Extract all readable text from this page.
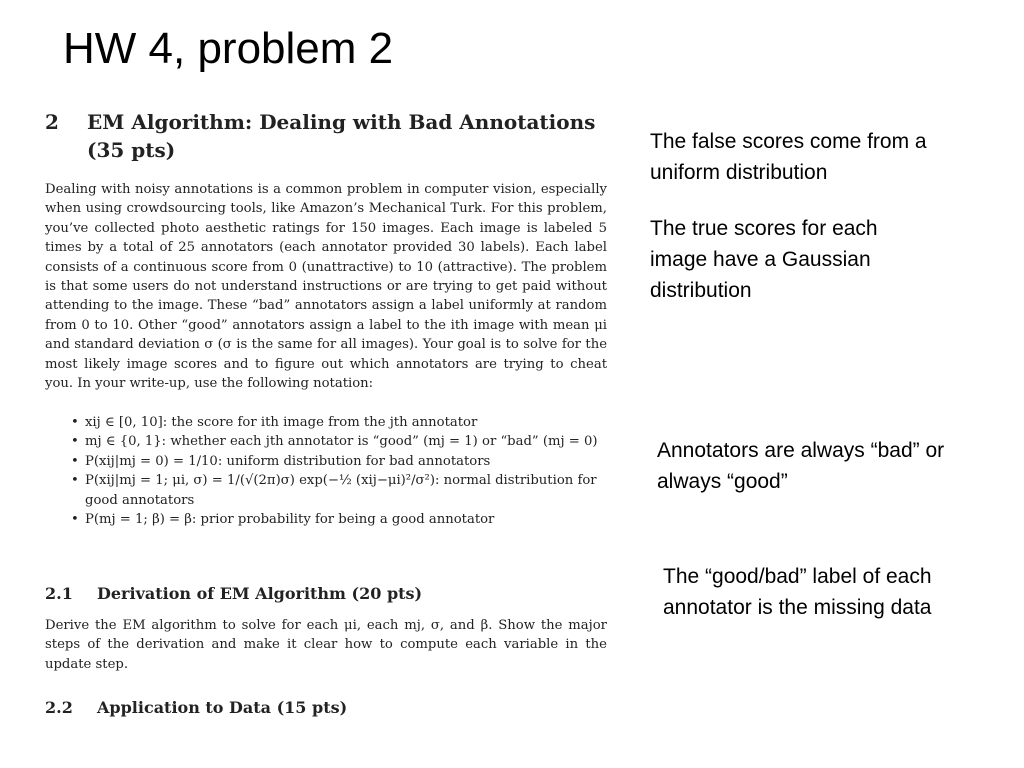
HW 4, problem 2
2 EM Algorithm: Dealing with Bad Annotations (35 pts)
Dealing with noisy annotations is a common problem in computer vision, especially when using crowdsourcing tools, like Amazon’s Mechanical Turk. For this problem, you’ve collected photo aesthetic ratings for 150 images. Each image is labeled 5 times by a total of 25 annotators (each annotator provided 30 labels). Each label consists of a continuous score from 0 (unattractive) to 10 (attractive). The problem is that some users do not understand instructions or are trying to get paid without attending to the image. These “bad” annotators assign a label uniformly at random from 0 to 10. Other “good” annotators assign a label to the ith image with mean μi and standard deviation σ (σ is the same for all images). Your goal is to solve for the most likely image scores and to figure out which annotators are trying to cheat you. In your write-up, use the following notation:
• xij ∈ [0, 10]: the score for ith image from the jth annotator
• mj ∈ {0, 1}: whether each jth annotator is “good” (mj = 1) or “bad” (mj = 0)
• P(xij|mj = 0) = 1/10: uniform distribution for bad annotators
• P(xij|mj = 1; μi, σ) = 1/(√(2π)σ) exp(−½ (xij−μi)²/σ²): normal distribution for good annotators
• P(mj = 1; β) = β: prior probability for being a good annotator
2.1 Derivation of EM Algorithm (20 pts)
Derive the EM algorithm to solve for each μi, each mj, σ, and β. Show the major steps of the derivation and make it clear how to compute each variable in the update step.
2.2 Application to Data (15 pts)
The false scores come from a uniform distribution
The true scores for each image have a Gaussian distribution
Annotators are always “bad” or always “good”
The “good/bad” label of each annotator is the missing data
